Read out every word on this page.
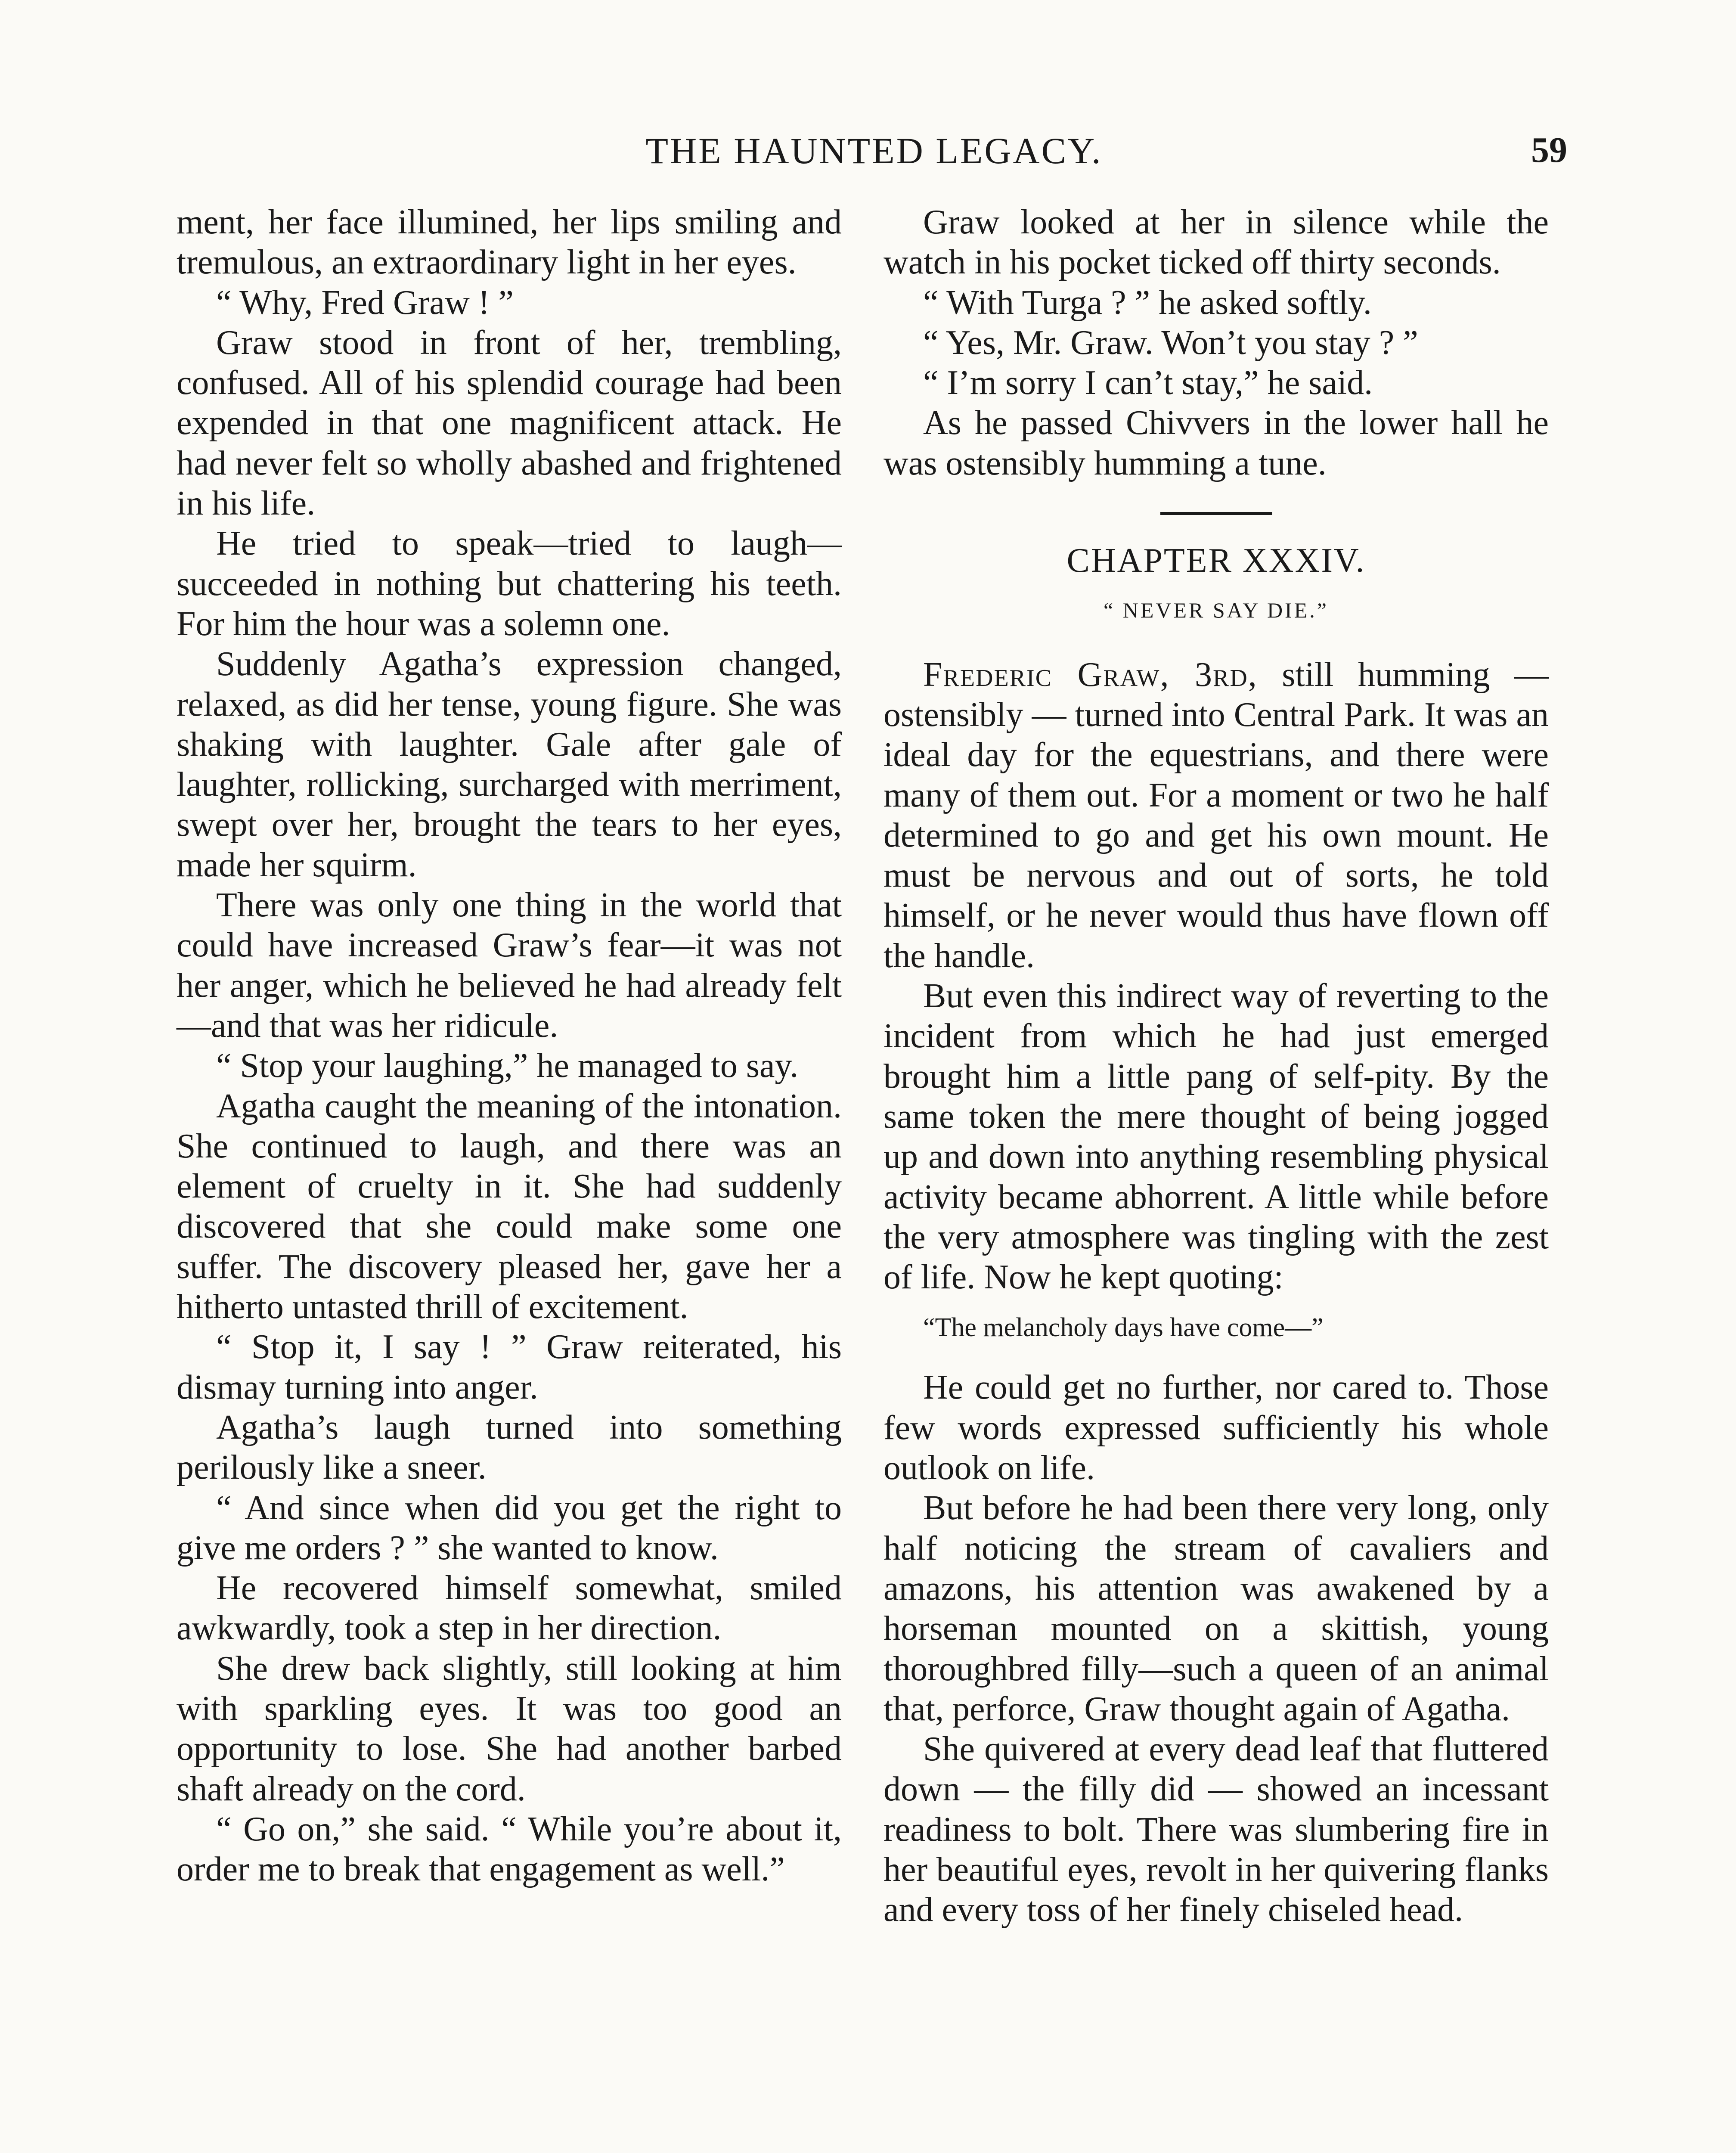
THE HAUNTED LEGACY.	59

ment, her face illumined, her lips smiling and tremulous, an extraordinary light in her eyes.

“ Why, Fred Graw ! ”

Graw stood in front of her, trembling, confused. All of his splendid courage had been expended in that one magnificent attack. He had never felt so wholly abashed and frightened in his life.

He tried to speak—tried to laugh—succeeded in nothing but chattering his teeth. For him the hour was a solemn one.

Suddenly Agatha’s expression changed, relaxed, as did her tense, young figure. She was shaking with laughter. Gale after gale of laughter, rollicking, surcharged with merriment, swept over her, brought the tears to her eyes, made her squirm.

There was only one thing in the world that could have increased Graw’s fear—it was not her anger, which he believed he had already felt —and that was her ridicule.

“ Stop your laughing,” he managed to say.

Agatha caught the meaning of the intonation. She continued to laugh, and there was an element of cruelty in it. She had suddenly discovered that she could make some one suffer. The discovery pleased her, gave her a hitherto untasted thrill of excitement.

“ Stop it, I say ! ” Graw reiterated, his dismay turning into anger.

Agatha’s laugh turned into something perilously like a sneer.

“ And since when did you get the right to give me orders ? ” she wanted to know.

He recovered himself somewhat, smiled awkwardly, took a step in her direction.

She drew back slightly, still looking at him with sparkling eyes. It was too good an opportunity to lose. She had another barbed shaft already on the cord.

“ Go on,” she said. “ While you’re about it, order me to break that engagement as well.”

Graw looked at her in silence while the watch in his pocket ticked off thirty seconds.

“ With Turga ? ” he asked softly.

“ Yes, Mr. Graw. Won’t you stay ? ”

“ I’m sorry I can’t stay,” he said.

As he passed Chivvers in the lower hall he was ostensibly humming a tune.

CHAPTER XXXIV.

“ NEVER SAY DIE.”

Frederic Graw, 3rd, still humming — ostensibly — turned into Central Park. It was an ideal day for the equestrians, and there were many of them out. For a moment or two he half determined to go and get his own mount. He must be nervous and out of sorts, he told himself, or he never would thus have flown off the handle.

But even this indirect way of reverting to the incident from which he had just emerged brought him a little pang of self-pity. By the same token the mere thought of being jogged up and down into anything resembling physical activity became abhorrent. A little while before the very atmosphere was tingling with the zest of life. Now he kept quoting:

“The melancholy days have come—”

He could get no further, nor cared to. Those few words expressed sufficiently his whole outlook on life.

But before he had been there very long, only half noticing the stream of cavaliers and amazons, his attention was awakened by a horseman mounted on a skittish, young thoroughbred filly—such a queen of an animal that, perforce, Graw thought again of Agatha.

She quivered at every dead leaf that fluttered down — the filly did — showed an incessant readiness to bolt. There was slumbering fire in her beautiful eyes, revolt in her quivering flanks and every toss of her finely chiseled head.
